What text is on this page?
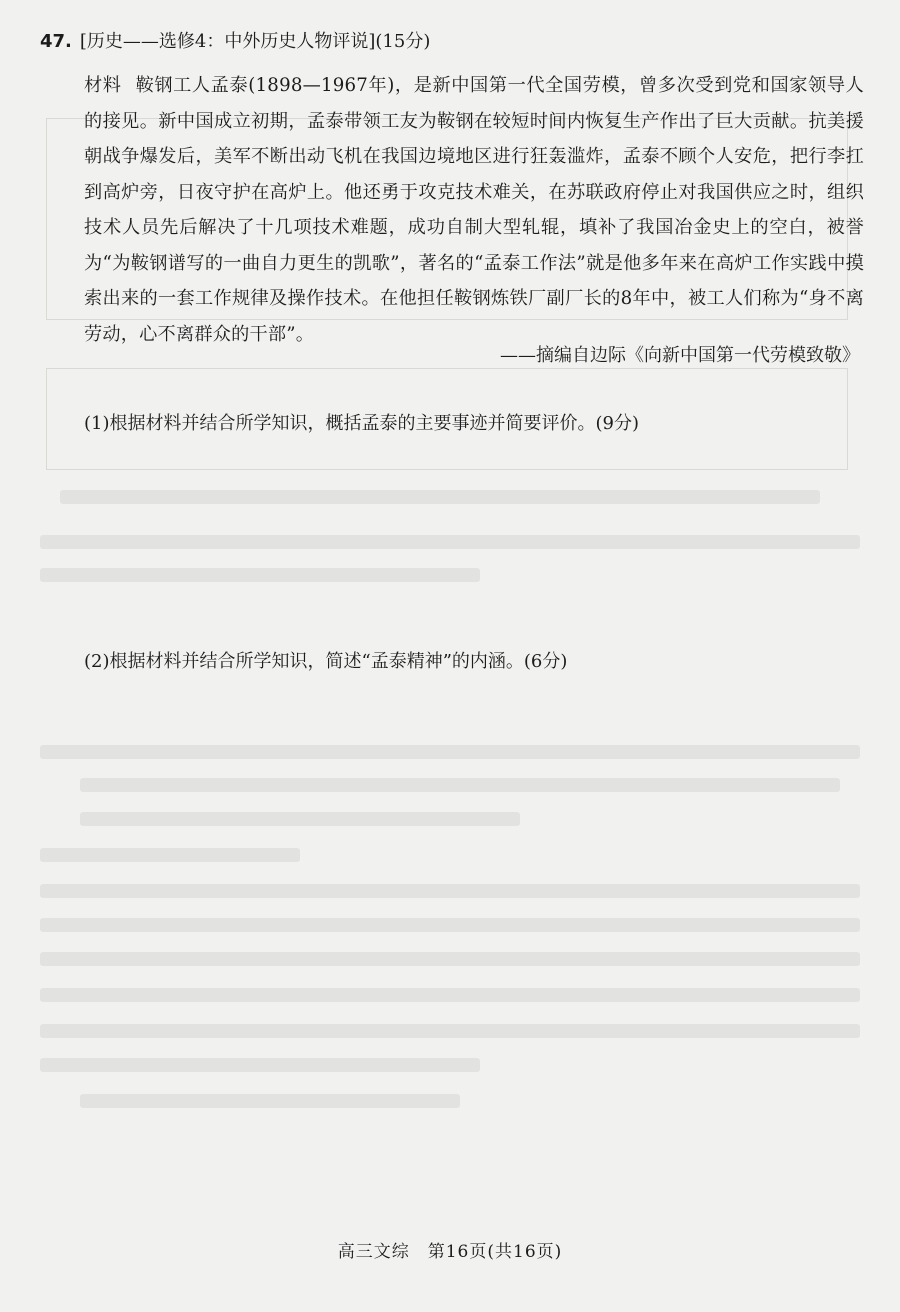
47. [历史——选修4：中外历史人物评说](15分)
材料 鞍钢工人孟泰(1898—1967年)，是新中国第一代全国劳模，曾多次受到党和国家领导人的接见。新中国成立初期，孟泰带领工友为鞍钢在较短时间内恢复生产作出了巨大贡献。抗美援朝战争爆发后，美军不断出动飞机在我国边境地区进行狂轰滥炸，孟泰不顾个人安危，把行李扛到高炉旁，日夜守护在高炉上。他还勇于攻克技术难关，在苏联政府停止对我国供应之时，组织技术人员先后解决了十几项技术难题，成功自制大型轧辊，填补了我国冶金史上的空白，被誉为“为鞍钢谱写的一曲自力更生的凯歌”，著名的“孟泰工作法”就是他多年来在高炉工作实践中摸索出来的一套工作规律及操作技术。在他担任鞍钢炼铁厂副厂长的8年中，被工人们称为“身不离劳动，心不离群众的干部”。
——摘编自边际《向新中国第一代劳模致敬》
(1)根据材料并结合所学知识，概括孟泰的主要事迹并简要评价。(9分)
(2)根据材料并结合所学知识，简述“孟泰精神”的内涵。(6分)
高三文综　第16页(共16页)
